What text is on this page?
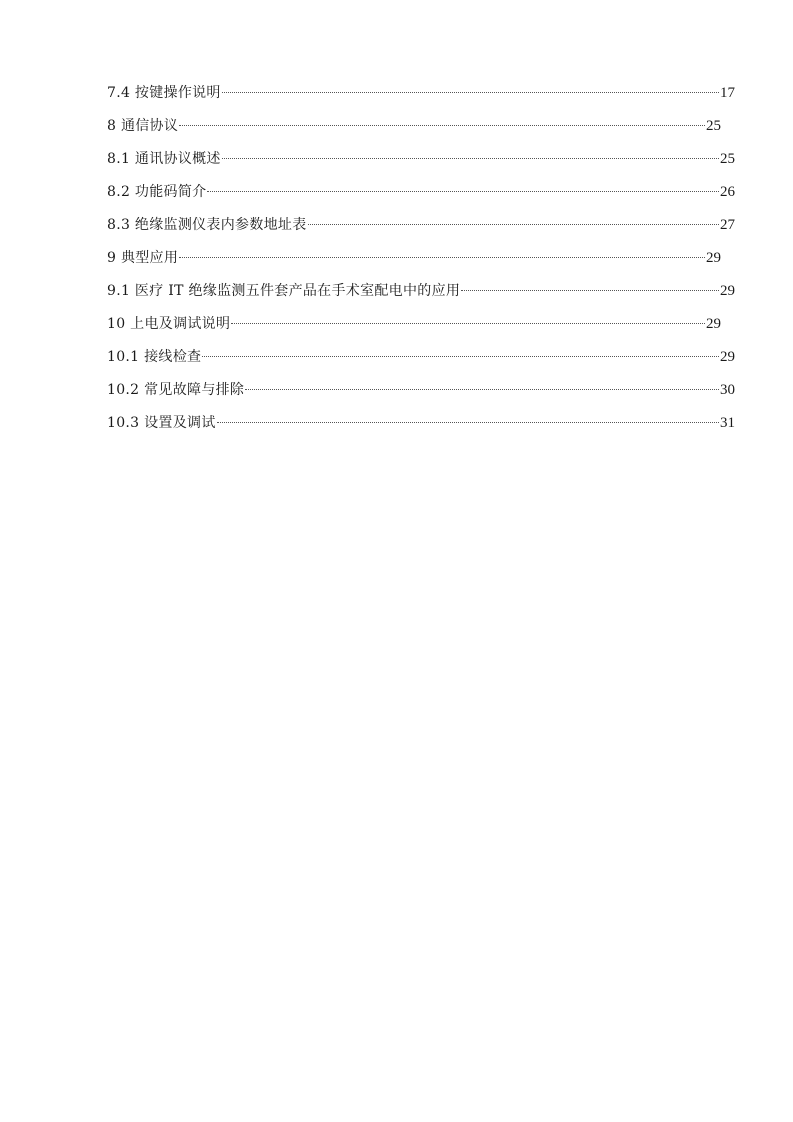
7.4 按键操作说明	17
8 通信协议	25
8.1 通讯协议概述	25
8.2 功能码简介	26
8.3 绝缘监测仪表内参数地址表	27
9 典型应用	29
9.1 医疗 IT 绝缘监测五件套产品在手术室配电中的应用	29
10 上电及调试说明	29
10.1 接线检查	29
10.2 常见故障与排除	30
10.3 设置及调试	31
